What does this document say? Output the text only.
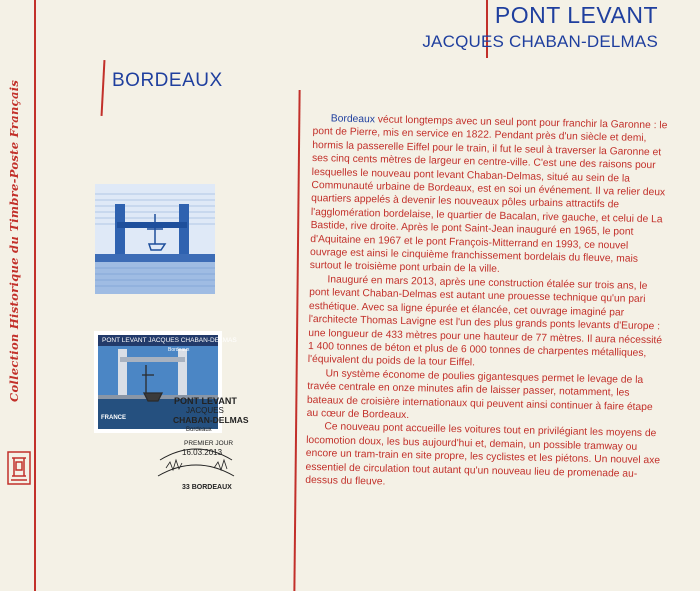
Collection Historique du Timbre-Poste Français
PONT LEVANT
JACQUES CHABAN-DELMAS
BORDEAUX
PONT LEVANT JACQUES CHABAN-DELMAS
Bordeaux
FRANCE
PONT LEVANT
JACQUES
CHABAN-DELMAS
Bordeaux
PREMIER JOUR
16.03.2013
33 BORDEAUX

Bordeaux vécut longtemps avec un seul pont pour franchir la Garonne : le pont de Pierre, mis en service en 1822. Pendant près d'un siècle et demi, hormis la passerelle Eiffel pour le train, il fut le seul à traverser la Garonne et ses cinq cents mètres de largeur en centre-ville. C'est une des raisons pour lesquelles le nouveau pont levant Chaban-Delmas, situé au sein de la Communauté urbaine de Bordeaux, est en soi un événement. Il va relier deux quartiers appelés à devenir les nouveaux pôles urbains attractifs de l'agglomération bordelaise, le quartier de Bacalan, rive gauche, et celui de La Bastide, rive droite. Après le pont Saint-Jean inauguré en 1965, le pont d'Aquitaine en 1967 et le pont François-Mitterrand en 1993, ce nouvel ouvrage est ainsi le cinquième franchissement bordelais du fleuve, mais surtout le troisième pont urbain de la ville.

Inauguré en mars 2013, après une construction étalée sur trois ans, le pont levant Chaban-Delmas est autant une prouesse technique qu'un pari esthétique. Avec sa ligne épurée et élancée, cet ouvrage imaginé par l'architecte Thomas Lavigne est l'un des plus grands ponts levants d'Europe : une longueur de 433 mètres pour une hauteur de 77 mètres. Il aura nécessité 1 400 tonnes de béton et plus de 6 000 tonnes de charpentes métalliques, l'équivalent du poids de la tour Eiffel.

Un système économe de poulies gigantesques permet le levage de la travée centrale en onze minutes afin de laisser passer, notamment, les bateaux de croisière internationaux qui peuvent ainsi continuer à faire étape au cœur de Bordeaux.

Ce nouveau pont accueille les voitures tout en privilégiant les moyens de locomotion doux, les bus aujourd'hui et, demain, un possible tramway ou encore un tram-train en site propre, les cyclistes et les piétons. Un nouvel axe essentiel de circulation tout autant qu'un nouveau lieu de promenade au-dessus du fleuve.
